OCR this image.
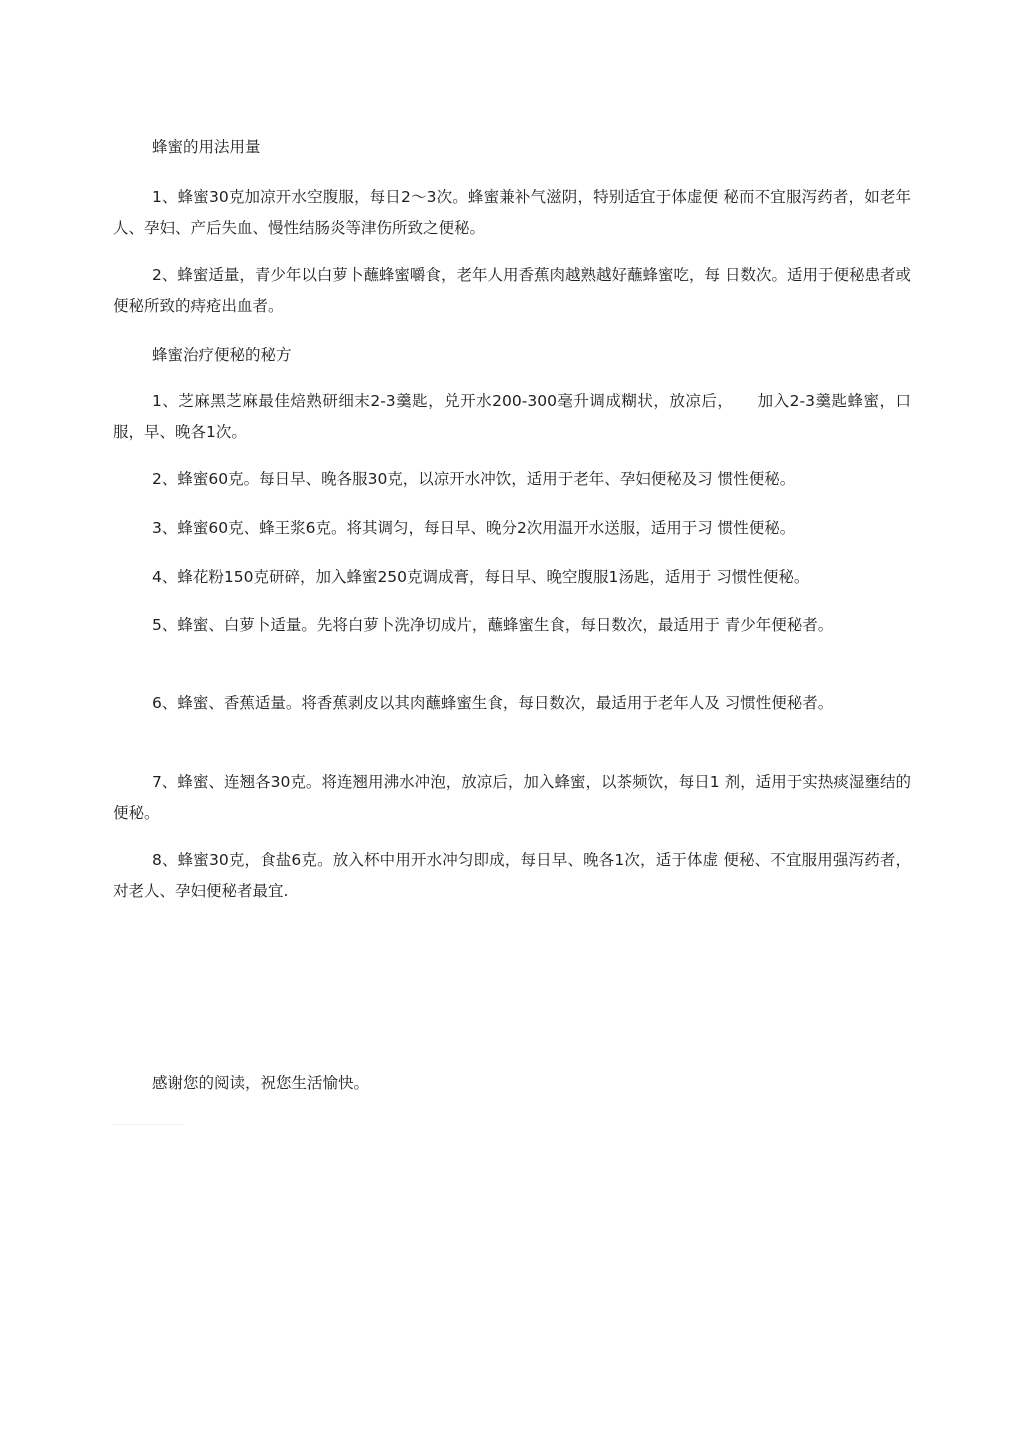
蜂蜜的用法用量

1、蜂蜜30克加凉开水空腹服，每日2〜3次。蜂蜜兼补气滋阴，特别适宜于体虚便 秘而不宜服泻药者，如老年人、孕妇、产后失血、慢性结肠炎等津伤所致之便秘。

2、蜂蜜适量，青少年以白萝卜蘸蜂蜜嚼食，老年人用香蕉肉越熟越好蘸蜂蜜吃，每 日数次。适用于便秘患者或便秘所致的痔疮出血者。

蜂蜜治疗便秘的秘方

1、芝麻黑芝麻最佳焙熟研细末2-3羹匙，兑开水200-300毫升调成糊状，放凉后，　　加入2-3羹匙蜂蜜，口服，早、晚各1次。

2、蜂蜜60克。每日早、晚各服30克，以凉开水冲饮，适用于老年、孕妇便秘及习 惯性便秘。

3、蜂蜜60克、蜂王浆6克。将其调匀，每日早、晚分2次用温开水送服，适用于习 惯性便秘。

4、蜂花粉150克研碎，加入蜂蜜250克调成膏，每日早、晚空腹服1汤匙，适用于 习惯性便秘。

5、蜂蜜、白萝卜适量。先将白萝卜洗净切成片，蘸蜂蜜生食，每日数次，最适用于 青少年便秘者。

6、蜂蜜、香蕉适量。将香蕉剥皮以其肉蘸蜂蜜生食，每日数次，最适用于老年人及 习惯性便秘者。

7、蜂蜜、连翘各30克。将连翘用沸水冲泡，放凉后，加入蜂蜜，以茶频饮，每日1 剂，适用于实热痰湿壅结的便秘。

8、蜂蜜30克，食盐6克。放入杯中用开水冲匀即成，每日早、晚各1次，适于体虚 便秘、不宜服用强泻药者，对老人、孕妇便秘者最宜.

感谢您的阅读，祝您生活愉快。
